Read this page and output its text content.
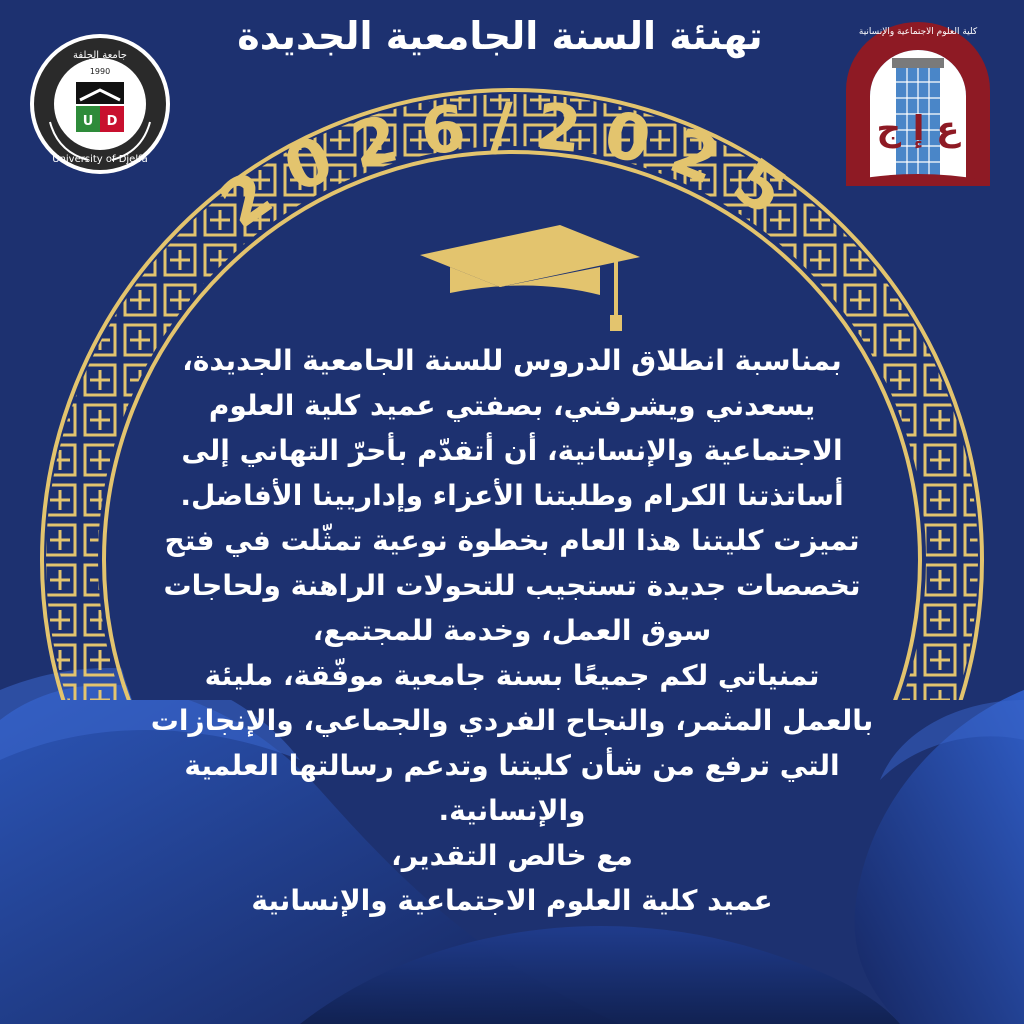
تهنئة السنة الجامعية الجديدة
جامعة الجلفة
University of Djelfa
1990
U D	ع إ ج
كلية العلوم الاجتماعية والإنسانية
2026/2025

بمناسبة انطلاق الدروس للسنة الجامعية الجديدة،

يسعدني ويشرفني، بصفتي عميد كلية العلوم

الاجتماعية والإنسانية، أن أتقدّم بأحرّ التهاني إلى

أساتذتنا الكرام وطلبتنا الأعزاء وإداريينا الأفاضل.

تميزت كليتنا هذا العام بخطوة نوعية تمثّلت في فتح

تخصصات جديدة تستجيب للتحولات الراهنة ولحاجات

سوق العمل، وخدمة للمجتمع،

تمنياتي لكم جميعًا بسنة جامعية موفّقة، مليئة

بالعمل المثمر، والنجاح الفردي والجماعي، والإنجازات

التي ترفع من شأن كليتنا وتدعم رسالتها العلمية

والإنسانية.

مع خالص التقدير،

عميد كلية العلوم الاجتماعية والإنسانية
